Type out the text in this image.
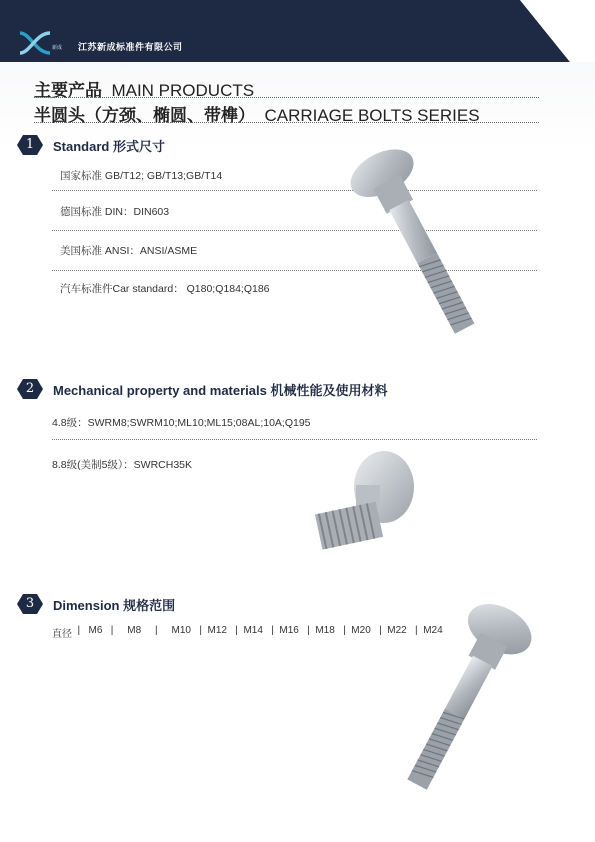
新成 江苏新成标准件有限公司
主要产品 MAIN PRODUCTS
半圆头（方颈、椭圆、带榫） CARRIAGE BOLTS SERIES
1	Standard 形式尺寸
国家标准 GB/T12; GB/T13;GB/T14
德国标准 DIN：DIN603
美国标准 ANSI：ANSI/ASME
汽车标准件Car standard： Q180;Q184;Q186
2	Mechanical property and materials 机械性能及使用材料
4.8级：SWRM8;SWRM10;ML10;ML15;08AL;10A;Q195
8.8级(美制5级）：SWRCH35K
3	Dimension 规格范围
直径 | M6 | M8 | M10 | M12 | M14 | M16 | M18 | M20 | M22 | M24
